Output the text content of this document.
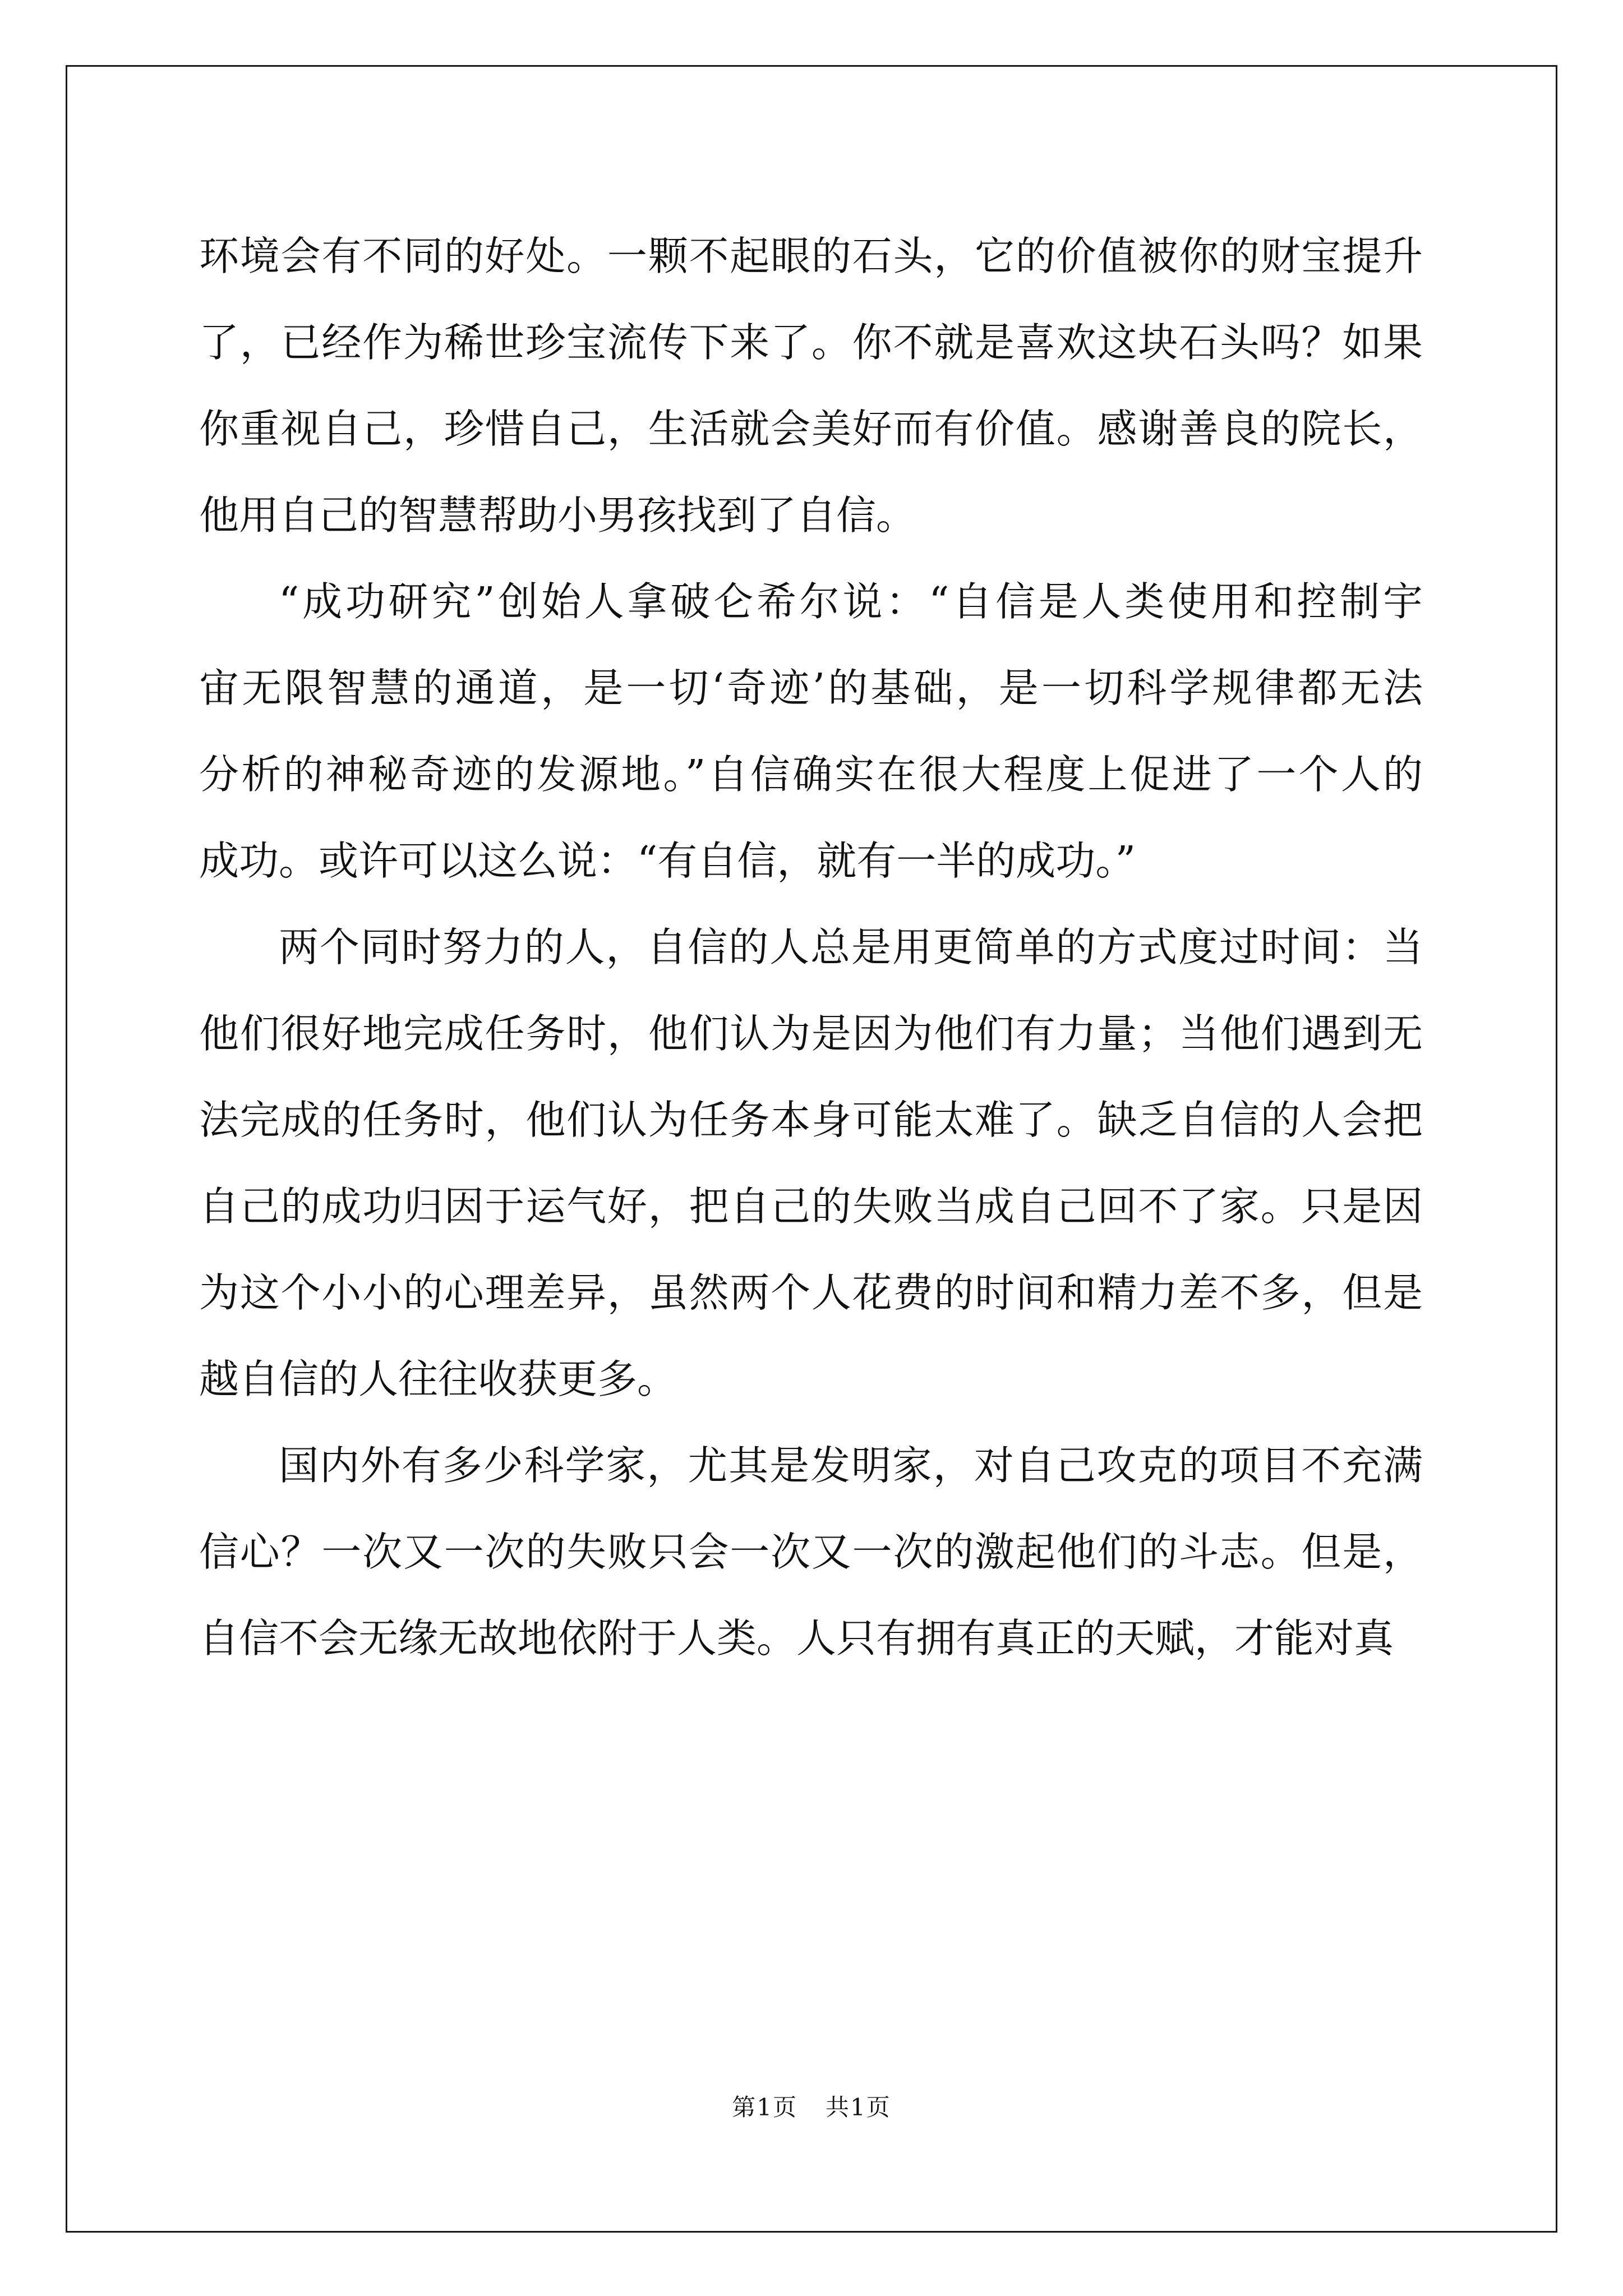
环境会有不同的好处。一颗不起眼的石头，它的价值被你的财宝提升
了，已经作为稀世珍宝流传下来了。你不就是喜欢这块石头吗？如果
你重视自己，珍惜自己，生活就会美好而有价值。感谢善良的院长，
他用自己的智慧帮助小男孩找到了自信。
“成功研究”创始人拿破仑希尔说：“自信是人类使用和控制宇
宙无限智慧的通道，是一切‘奇迹’的基础，是一切科学规律都无法
分析的神秘奇迹的发源地。”自信确实在很大程度上促进了一个人的
成功。或许可以这么说：“有自信，就有一半的成功。”
两个同时努力的人，自信的人总是用更简单的方式度过时间：当
他们很好地完成任务时，他们认为是因为他们有力量；当他们遇到无
法完成的任务时，他们认为任务本身可能太难了。缺乏自信的人会把
自己的成功归因于运气好，把自己的失败当成自己回不了家。只是因
为这个小小的心理差异，虽然两个人花费的时间和精力差不多，但是
越自信的人往往收获更多。
国内外有多少科学家，尤其是发明家，对自己攻克的项目不充满
信心？一次又一次的失败只会一次又一次的激起他们的斗志。但是，
自信不会无缘无故地依附于人类。人只有拥有真正的天赋，才能对真
第1页 共1页
